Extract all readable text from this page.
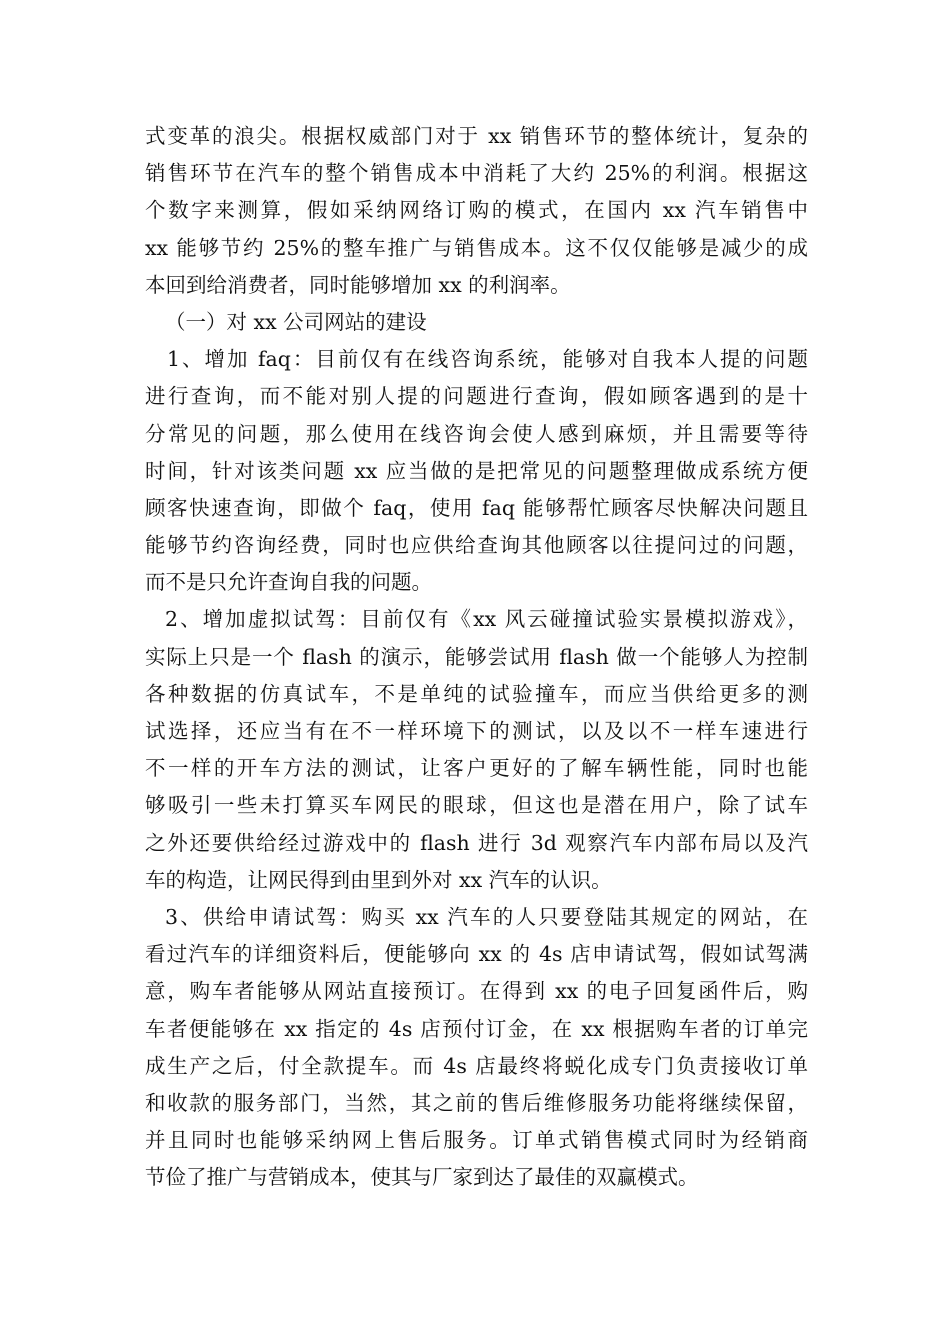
式变革的浪尖。根据权威部门对于 xx 销售环节的整体统计，复杂的
销售环节在汽车的整个销售成本中消耗了大约 25%的利润。根据这
个数字来测算，假如采纳网络订购的模式，在国内 xx 汽车销售中
xx 能够节约 25%的整车推广与销售成本。这不仅仅能够是减少的成
本回到给消费者，同时能够增加 xx 的利润率。
（一）对 xx 公司网站的建设
1、增加 faq：目前仅有在线咨询系统，能够对自我本人提的问题
进行查询，而不能对别人提的问题进行查询，假如顾客遇到的是十
分常见的问题，那么使用在线咨询会使人感到麻烦，并且需要等待
时间，针对该类问题 xx 应当做的是把常见的问题整理做成系统方便
顾客快速查询，即做个 faq，使用 faq 能够帮忙顾客尽快解决问题且
能够节约咨询经费，同时也应供给查询其他顾客以往提问过的问题，
而不是只允许查询自我的问题。
2、增加虚拟试驾：目前仅有《xx 风云碰撞试验实景模拟游戏》，
实际上只是一个 flash 的演示，能够尝试用 flash 做一个能够人为控制
各种数据的仿真试车，不是单纯的试验撞车，而应当供给更多的测
试选择，还应当有在不一样环境下的测试，以及以不一样车速进行
不一样的开车方法的测试，让客户更好的了解车辆性能，同时也能
够吸引一些未打算买车网民的眼球，但这也是潜在用户，除了试车
之外还要供给经过游戏中的 flash 进行 3d 观察汽车内部布局以及汽
车的构造，让网民得到由里到外对 xx 汽车的认识。
3、供给申请试驾：购买 xx 汽车的人只要登陆其规定的网站，在
看过汽车的详细资料后，便能够向 xx 的 4s 店申请试驾，假如试驾满
意，购车者能够从网站直接预订。在得到 xx 的电子回复函件后，购
车者便能够在 xx 指定的 4s 店预付订金，在 xx 根据购车者的订单完
成生产之后，付全款提车。而 4s 店最终将蜕化成专门负责接收订单
和收款的服务部门，当然，其之前的售后维修服务功能将继续保留，
并且同时也能够采纳网上售后服务。订单式销售模式同时为经销商
节俭了推广与营销成本，使其与厂家到达了最佳的双赢模式。
